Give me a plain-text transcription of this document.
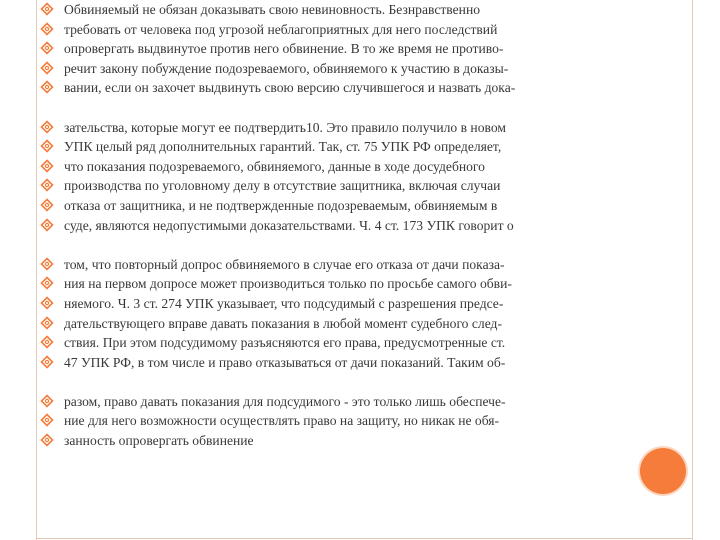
Обвиняемый не обязан доказывать свою невиновность. Безнравственно
требовать от человека под угрозой неблагоприятных для него последствий
опровергать выдвинутое против него обвинение. В то же время не противо-
речит закону побуждение подозреваемого, обвиняемого к участию в доказы-
вании, если он захочет выдвинуть свою версию случившегося и назвать дока-
зательства, которые могут ее подтвердить10. Это правило получило в новом
УПК целый ряд дополнительных гарантий. Так, ст. 75 УПК РФ определяет,
что показания подозреваемого, обвиняемого, данные в ходе досудебного
производства по уголовному делу в отсутствие защитника, включая случаи
отказа от защитника, и не подтвержденные подозреваемым, обвиняемым в
суде, являются недопустимыми доказательствами. Ч. 4 ст. 173 УПК говорит о
том, что повторный допрос обвиняемого в случае его отказа от дачи показа-
ния на первом допросе может производиться только по просьбе самого обви-
няемого. Ч. 3 ст. 274 УПК указывает, что подсудимый с разрешения предсе-
дательствующего вправе давать показания в любой момент судебного след-
ствия. При этом подсудимому разъясняются его права, предусмотренные ст.
47 УПК РФ, в том числе и право отказываться от дачи показаний. Таким об-
разом, право давать показания для подсудимого - это только лишь обеспече-
ние для него возможности осуществлять право на защиту, но никак не обя-
занность опровергать обвинение
